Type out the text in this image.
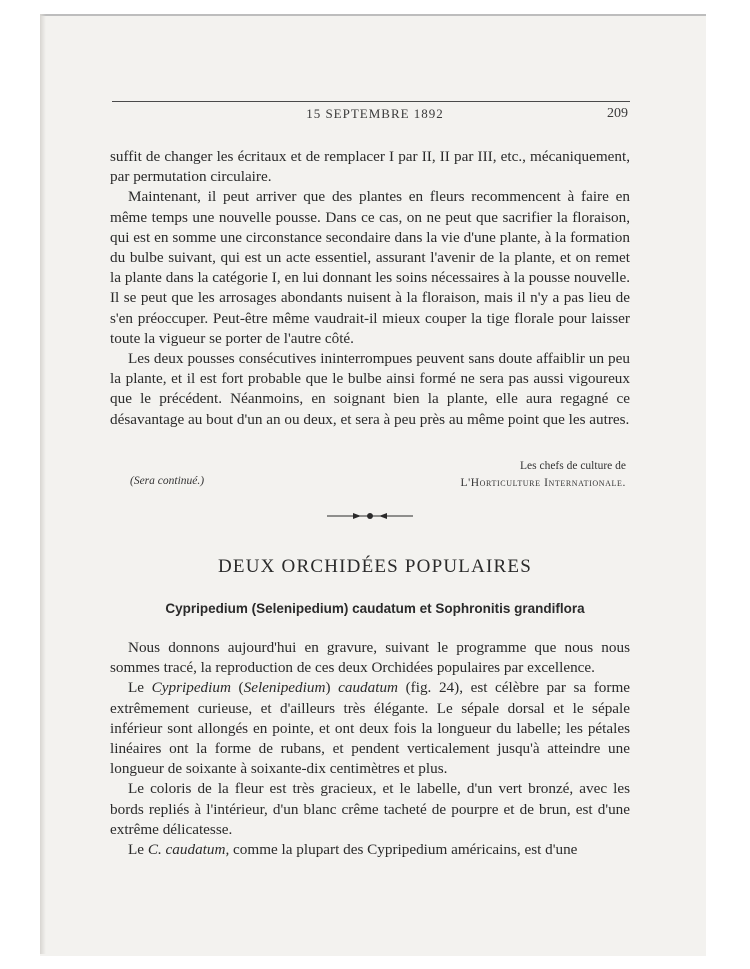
15 SEPTEMBRE 1892	209

suffit de changer les écritaux et de remplacer I par II, II par III, etc., mécaniquement, par permutation circulaire.

Maintenant, il peut arriver que des plantes en fleurs recommencent à faire en même temps une nouvelle pousse. Dans ce cas, on ne peut que sacrifier la floraison, qui est en somme une circonstance secondaire dans la vie d'une plante, à la formation du bulbe suivant, qui est un acte essentiel, assurant l'avenir de la plante, et on remet la plante dans la catégorie I, en lui donnant les soins nécessaires à la pousse nouvelle. Il se peut que les arrosages abondants nuisent à la floraison, mais il n'y a pas lieu de s'en préoccuper. Peut-être même vaudrait-il mieux couper la tige florale pour laisser toute la vigueur se porter de l'autre côté.

Les deux pousses consécutives ininterrompues peuvent sans doute affaiblir un peu la plante, et il est fort probable que le bulbe ainsi formé ne sera pas aussi vigoureux que le précédent. Néanmoins, en soignant bien la plante, elle aura regagné ce désavantage au bout d'un an ou deux, et sera à peu près au même point que les autres.

Les chefs de culture de
L'Horticulture Internationale.
(Sera continué.)
DEUX ORCHIDÉES POPULAIRES
Cypripedium (Selenipedium) caudatum et Sophronitis grandiflora

Nous donnons aujourd'hui en gravure, suivant le programme que nous nous sommes tracé, la reproduction de ces deux Orchidées populaires par excellence.

Le Cypripedium (Selenipedium) caudatum (fig. 24), est célèbre par sa forme extrêmement curieuse, et d'ailleurs très élégante. Le sépale dorsal et le sépale inférieur sont allongés en pointe, et ont deux fois la longueur du labelle; les pétales linéaires ont la forme de rubans, et pendent verticalement jusqu'à atteindre une longueur de soixante à soixante-dix centimètres et plus.

Le coloris de la fleur est très gracieux, et le labelle, d'un vert bronzé, avec les bords repliés à l'intérieur, d'un blanc crême tacheté de pourpre et de brun, est d'une extrême délicatesse.

Le C. caudatum, comme la plupart des Cypripedium américains, est d'une
